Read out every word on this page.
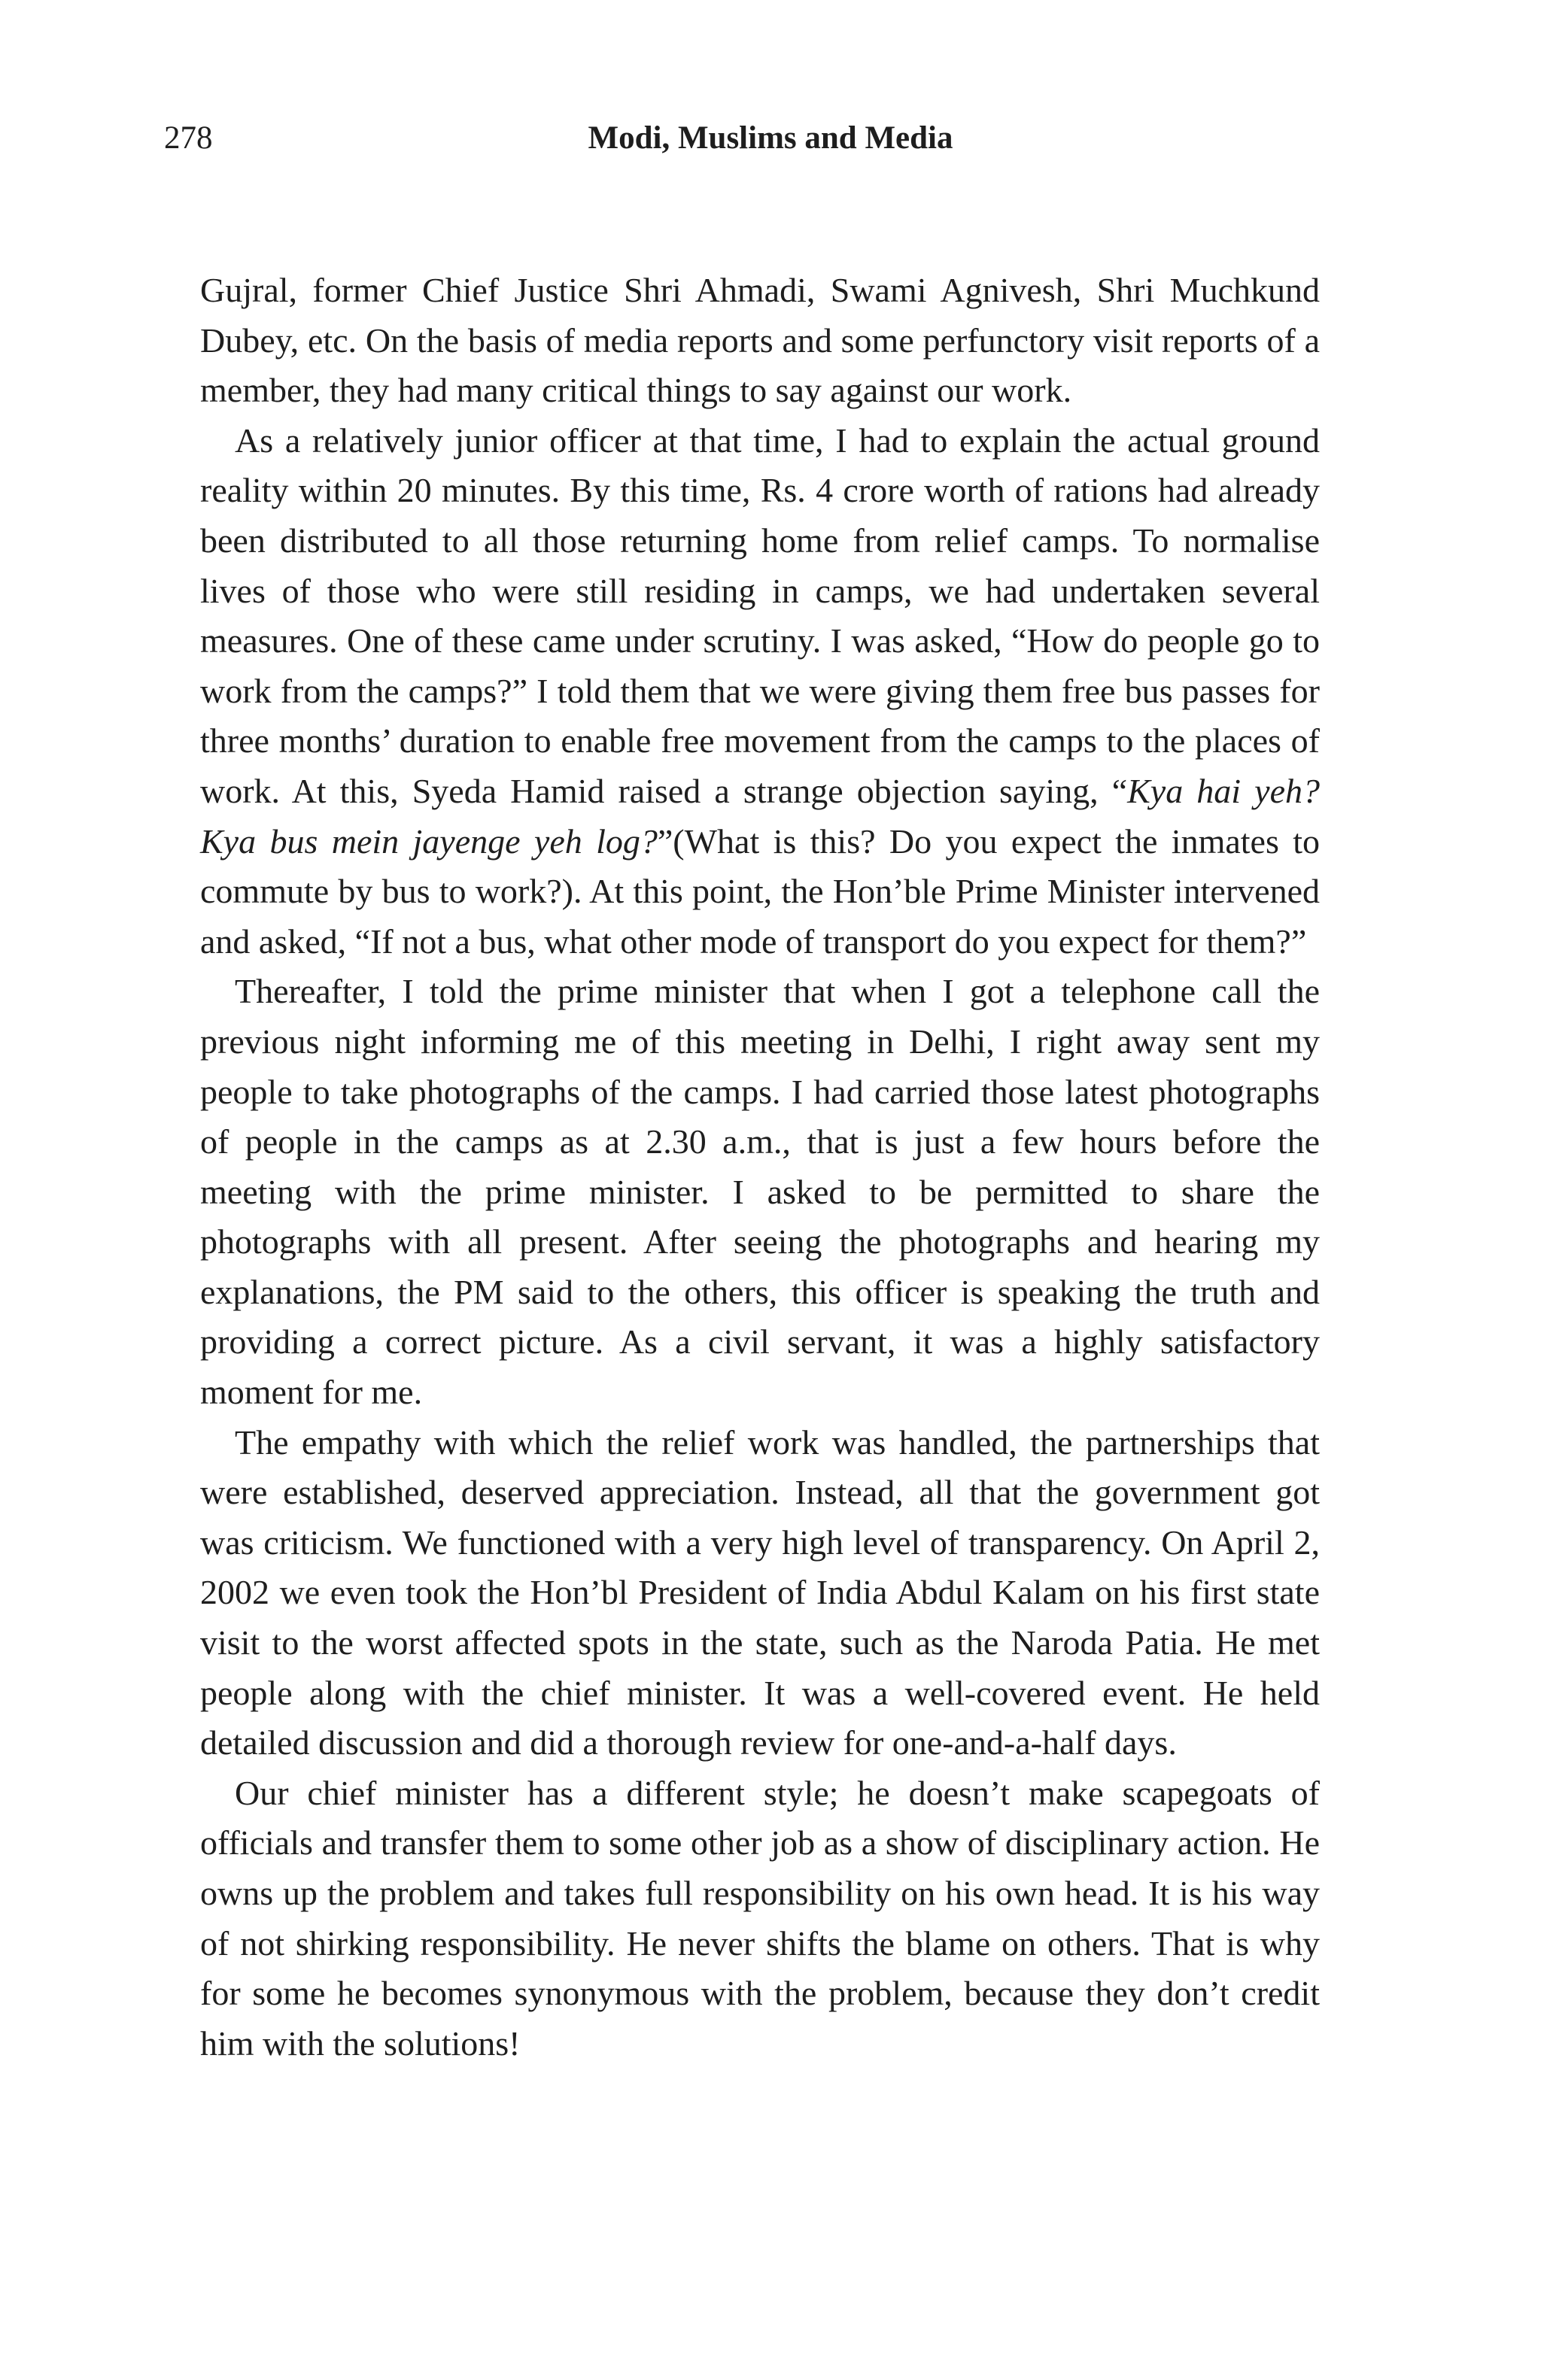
278	Modi, Muslims and Media

Gujral, former Chief Justice Shri Ahmadi, Swami Agnivesh, Shri Muchkund Dubey, etc. On the basis of media reports and some perfunctory visit reports of a member, they had many critical things to say against our work.

As a relatively junior officer at that time, I had to explain the actual ground reality within 20 minutes. By this time, Rs. 4 crore worth of rations had already been distributed to all those returning home from relief camps. To normalise lives of those who were still residing in camps, we had undertaken several measures. One of these came under scrutiny. I was asked, “How do people go to work from the camps?” I told them that we were giving them free bus passes for three months’ duration to enable free movement from the camps to the places of work. At this, Syeda Hamid raised a strange objection saying, “Kya hai yeh? Kya bus mein jayenge yeh log?”(What is this? Do you expect the inmates to commute by bus to work?). At this point, the Hon’ble Prime Minister intervened and asked, “If not a bus, what other mode of transport do you expect for them?”

Thereafter, I told the prime minister that when I got a telephone call the previous night informing me of this meeting in Delhi, I right away sent my people to take photographs of the camps. I had carried those latest photographs of people in the camps as at 2.30 a.m., that is just a few hours before the meeting with the prime minister. I asked to be permitted to share the photographs with all present. After seeing the photographs and hearing my explanations, the PM said to the others, this officer is speaking the truth and providing a correct picture. As a civil servant, it was a highly satisfactory moment for me.

The empathy with which the relief work was handled, the partnerships that were established, deserved appreciation. Instead, all that the government got was criticism. We functioned with a very high level of transparency. On April 2, 2002 we even took the Hon’bl President of India Abdul Kalam on his first state visit to the worst affected spots in the state, such as the Naroda Patia. He met people along with the chief minister. It was a well-covered event. He held detailed discussion and did a thorough review for one-and-a-half days.

Our chief minister has a different style; he doesn’t make scapegoats of officials and transfer them to some other job as a show of disciplinary action. He owns up the problem and takes full responsibility on his own head. It is his way of not shirking responsibility. He never shifts the blame on others. That is why for some he becomes synonymous with the problem, because they don’t credit him with the solutions!
